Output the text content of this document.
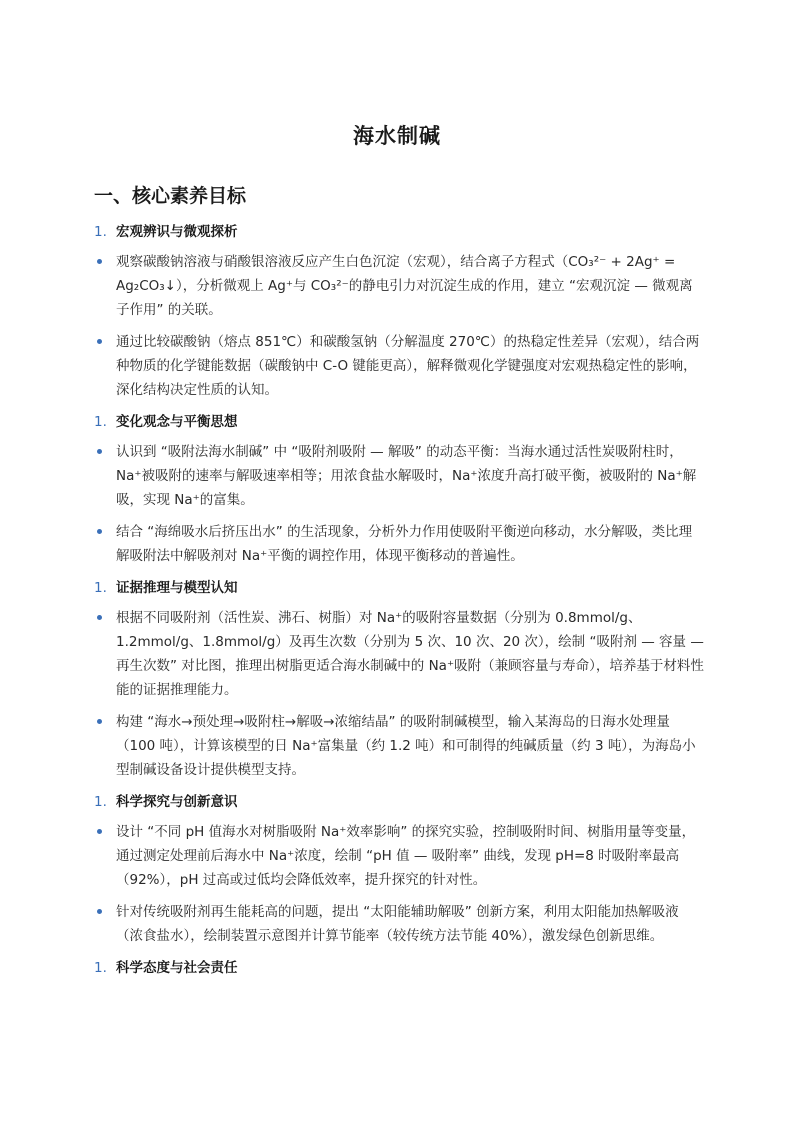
海水制碱
一、核心素养目标
1. 宏观辨识与微观探析
观察碳酸钠溶液与硝酸银溶液反应产生白色沉淀（宏观），结合离子方程式（CO₃²⁻ + 2Ag⁺ = Ag₂CO₃↓），分析微观上 Ag⁺与 CO₃²⁻的静电引力对沉淀生成的作用，建立 “宏观沉淀 — 微观离子作用” 的关联。
通过比较碳酸钠（熔点 851℃）和碳酸氢钠（分解温度 270℃）的热稳定性差异（宏观），结合两种物质的化学键能数据（碳酸钠中 C-O 键能更高），解释微观化学键强度对宏观热稳定性的影响，深化结构决定性质的认知。
1. 变化观念与平衡思想
认识到 “吸附法海水制碱” 中 “吸附剂吸附 — 解吸” 的动态平衡：当海水通过活性炭吸附柱时，Na⁺被吸附的速率与解吸速率相等；用浓食盐水解吸时，Na⁺浓度升高打破平衡，被吸附的 Na⁺解吸，实现 Na⁺的富集。
结合 “海绵吸水后挤压出水” 的生活现象，分析外力作用使吸附平衡逆向移动，水分解吸，类比理解吸附法中解吸剂对 Na⁺平衡的调控作用，体现平衡移动的普遍性。
1. 证据推理与模型认知
根据不同吸附剂（活性炭、沸石、树脂）对 Na⁺的吸附容量数据（分别为 0.8mmol/g、1.2mmol/g、1.8mmol/g）及再生次数（分别为 5 次、10 次、20 次），绘制 “吸附剂 — 容量 — 再生次数” 对比图，推理出树脂更适合海水制碱中的 Na⁺吸附（兼顾容量与寿命），培养基于材料性能的证据推理能力。
构建 “海水→预处理→吸附柱→解吸→浓缩结晶” 的吸附制碱模型，输入某海岛的日海水处理量（100 吨），计算该模型的日 Na⁺富集量（约 1.2 吨）和可制得的纯碱质量（约 3 吨），为海岛小型制碱设备设计提供模型支持。
1. 科学探究与创新意识
设计 “不同 pH 值海水对树脂吸附 Na⁺效率影响” 的探究实验，控制吸附时间、树脂用量等变量，通过测定处理前后海水中 Na⁺浓度，绘制 “pH 值 — 吸附率” 曲线，发现 pH=8 时吸附率最高（92%），pH 过高或过低均会降低效率，提升探究的针对性。
针对传统吸附剂再生能耗高的问题，提出 “太阳能辅助解吸” 创新方案，利用太阳能加热解吸液（浓食盐水），绘制装置示意图并计算节能率（较传统方法节能 40%），激发绿色创新思维。
1. 科学态度与社会责任
